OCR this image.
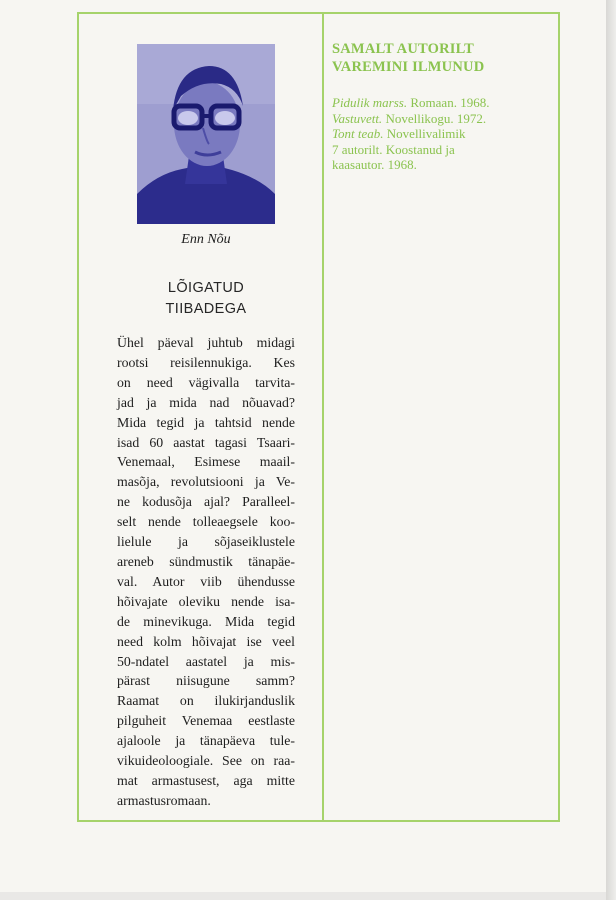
Enn Nõu
LÕIGATUD
TIIBADEGA
Ühel päeval juhtub midagi
rootsi reisilennukiga. Kes
on need vägivalla tarvita-
jad ja mida nad nõuavad?
Mida tegid ja tahtsid nende
isad 60 aastat tagasi Tsaari-
Venemaal, Esimese maail-
masõja, revolutsiooni ja Ve-
ne kodusõja ajal? Paralleel-
selt nende tolleaegsele koo-
lielule ja sõjaseiklustele
areneb sündmustik tänapäe-
val. Autor viib ühendusse
hõivajate oleviku nende isa-
de minevikuga. Mida tegid
need kolm hõivajat ise veel
50-ndatel aastatel ja mis-
pärast niisugune samm?
Raamat on ilukirjanduslik
pilguheit Venemaa eestlaste
ajaloole ja tänapäeva tule-
vikuideoloogiale. See on raa-
mat armastusest, aga mitte
armastusromaan.
SAMALT AUTORILT
VAREMINI ILMUNUD
Pidulik marss. Romaan. 1968.
Vastuvett. Novellikogu. 1972.
Tont teab. Novellivalimik
7 autorilt. Koostanud ja
kaasautor. 1968.
